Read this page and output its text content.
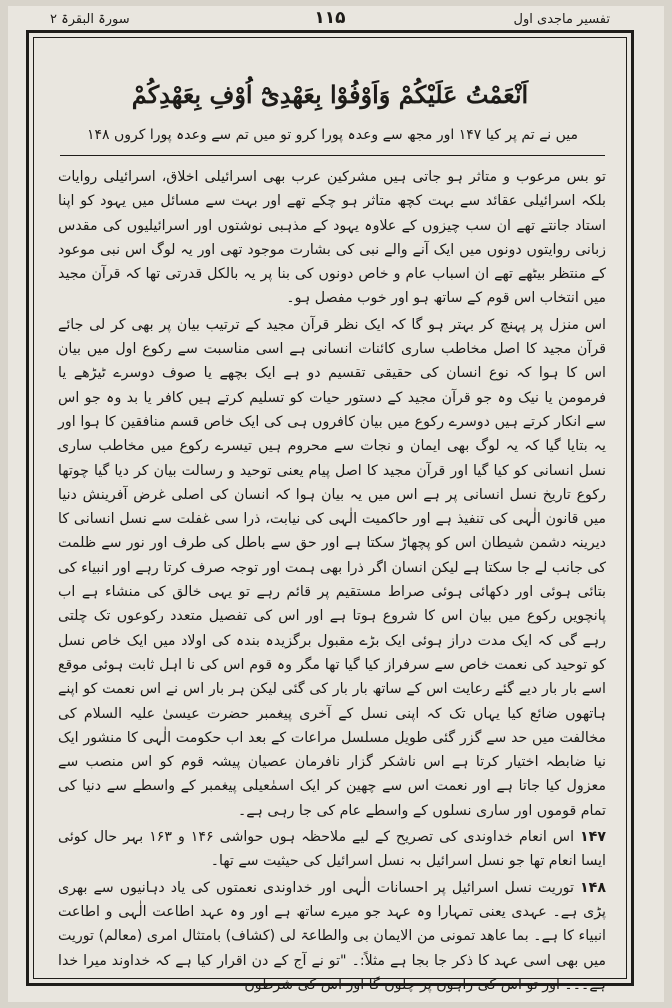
تفسیر ماجدی اول
۱۱۵
سورۃ البقرۃ ۲
اَنْعَمْتُ عَلَیْکُمْ وَاَوْفُوْا بِعَھْدِیْٓ اُوْفِ بِعَھْدِکُمْ
میں نے تم پر کیا ۱۴۷ اور مجھ سے وعدہ پورا کرو تو میں تم سے وعدہ پورا کروں ۱۴۸

تو بس مرعوب و متاثر ہو جاتی ہیں مشرکین عرب بھی اسرائیلی اخلاق، اسرائیلی روایات بلکہ اسرائیلی عقائد سے بہت کچھ متاثر ہو چکے تھے اور بہت سے مسائل میں یہود کو اپنا استاد جانتے تھے ان سب چیزوں کے علاوہ یہود کے مذہبی نوشتوں اور اسرائیلیوں کی مقدس زبانی روایتوں دونوں میں ایک آنے والے نبی کی بشارت موجود تھی اور یہ لوگ اس نبی موعود کے منتظر بیٹھے تھے ان اسباب عام و خاص دونوں کی بنا پر یہ بالکل قدرتی تھا کہ قرآن مجید میں انتخاب اس قوم کے ساتھ ہو اور خوب مفصل ہو۔

اس منزل پر پہنچ کر بہتر ہو گا کہ ایک نظر قرآن مجید کے ترتیب بیان پر بھی کر لی جائے قرآن مجید کا اصل مخاطب ساری کائنات انسانی ہے اسی مناسبت سے رکوع اول میں بیان اس کا ہوا کہ نوع انسان کی حقیقی تقسیم دو ہے ایک بچھے یا صوف دوسرے ٹیڑھے یا فرمومن یا نیک وہ جو قرآن مجید کے دستور حیات کو تسلیم کرتے ہیں کافر یا بد وہ جو اس سے انکار کرتے ہیں دوسرے رکوع میں بیان کافروں ہی کی ایک خاص قسم منافقین کا ہوا اور یہ بتایا گیا کہ یہ لوگ بھی ایمان و نجات سے محروم ہیں تیسرے رکوع میں مخاطب ساری نسل انسانی کو کیا گیا اور قرآن مجید کا اصل پیام یعنی توحید و رسالت بیان کر دیا گیا چوتھا رکوع تاریخ نسل انسانی پر ہے اس میں یہ بیان ہوا کہ انسان کی اصلی غرض آفرینش دنیا میں قانون الٰہی کی تنفیذ ہے اور حاکمیت الٰہی کی نیابت، ذرا سی غفلت سے نسل انسانی کا دیرینہ دشمن شیطان اس کو پچھاڑ سکتا ہے اور حق سے باطل کی طرف اور نور سے ظلمت کی جانب لے جا سکتا ہے لیکن انسان اگر ذرا بھی ہمت اور توجہ صرف کرتا رہے اور انبیاء کی بتائی ہوئی اور دکھائی ہوئی صراط مستقیم پر قائم رہے تو یہی خالق کی منشاء ہے اب پانچویں رکوع میں بیان اس کا شروع ہوتا ہے اور اس کی تفصیل متعدد رکوعوں تک چلتی رہے گی کہ ایک مدت دراز ہوئی ایک بڑے مقبول برگزیدہ بندہ کی اولاد میں ایک خاص نسل کو توحید کی نعمت خاص سے سرفراز کیا گیا تھا مگر وہ قوم اس کی نا اہل ثابت ہوئی موقع اسے بار بار دیے گئے رعایت اس کے ساتھ بار بار کی گئی لیکن ہر بار اس نے اس نعمت کو اپنے ہاتھوں ضائع کیا یہاں تک کہ اپنی نسل کے آخری پیغمبر حضرت عیسیٰ علیہ السلام کی مخالفت میں حد سے گزر گئی طویل مسلسل مراعات کے بعد اب حکومت الٰہی کا منشور ایک نیا ضابطہ اختیار کرتا ہے اس ناشکر گزار نافرمان عصیان پیشہ قوم کو اس منصب سے معزول کیا جاتا ہے اور نعمت اس سے چھین کر ایک اسمٰعیلی پیغمبر کے واسطے سے دنیا کی تمام قوموں اور ساری نسلوں کے واسطے عام کی جا رہی ہے۔

۱۴۷ اس انعام خداوندی کی تصریح کے لیے ملاحظہ ہوں حواشی ۱۴۶ و ۱۶۳ بہر حال کوئی ایسا انعام تھا جو نسل اسرائیل بہ نسل اسرائیل کی حیثیت سے تھا۔

۱۴۸ توریت نسل اسرائیل پر احسانات الٰہی اور خداوندی نعمتوں کی یاد دہانیوں سے بھری پڑی ہے۔ عہدی یعنی تمہارا وہ عہد جو میرے ساتھ ہے اور وہ عہد اطاعت الٰہی و اطاعت انبیاء کا ہے۔ بما عاھد تمونی من الایمان بی والطاعۃ لی (کشاف) بامتثال امری (معالم) توریت میں بھی اسی عہد کا ذکر جا بجا ہے مثلاً:۔ "تو نے آج کے دن اقرار کیا ہے کہ خداوند میرا خدا ہے۔۔۔ اور تو اس کی راہوں پر چلوں گا اور اس کی شرطوں
